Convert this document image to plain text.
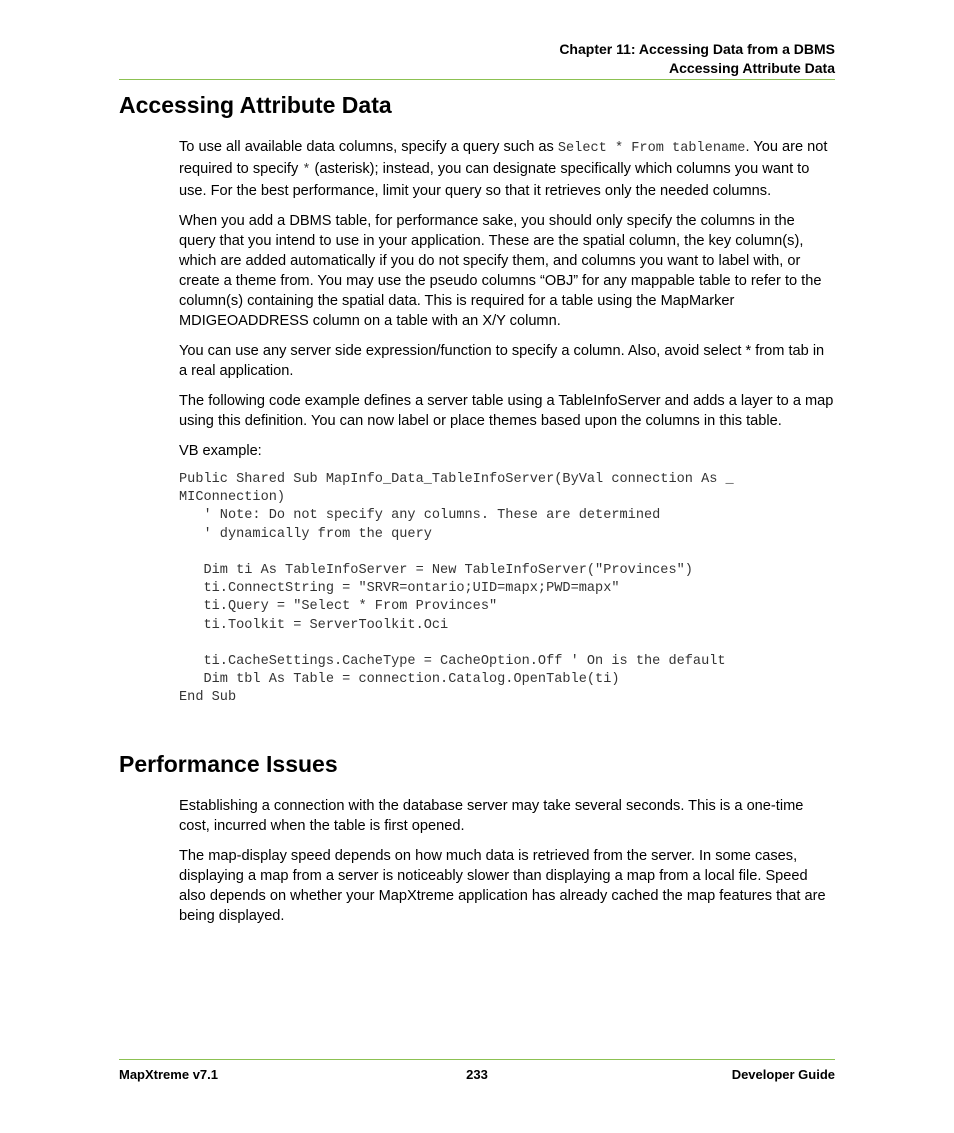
Chapter 11: Accessing Data from a DBMS
Accessing Attribute Data
Accessing Attribute Data

To use all available data columns, specify a query such as Select * From tablename. You are not required to specify * (asterisk); instead, you can designate specifically which columns you want to use. For the best performance, limit your query so that it retrieves only the needed columns.

When you add a DBMS table, for performance sake, you should only specify the columns in the query that you intend to use in your application. These are the spatial column, the key column(s), which are added automatically if you do not specify them, and columns you want to label with, or create a theme from. You may use the pseudo columns “OBJ” for any mappable table to refer to the column(s) containing the spatial data. This is required for a table using the MapMarker MDIGEOADDRESS column on a table with an X/Y column.

You can use any server side expression/function to specify a column. Also, avoid select * from tab in a real application.

The following code example defines a server table using a TableInfoServer and adds a layer to a map using this definition. You can now label or place themes based upon the columns in this table.

VB example:

Public Shared Sub MapInfo_Data_TableInfoServer(ByVal connection As _
MIConnection)
' Note: Do not specify any columns. These are determined
' dynamically from the query

Dim ti As TableInfoServer = New TableInfoServer("Provinces")
ti.ConnectString = "SRVR=ontario;UID=mapx;PWD=mapx"
ti.Query = "Select * From Provinces"
ti.Toolkit = ServerToolkit.Oci

ti.CacheSettings.CacheType = CacheOption.Off ' On is the default
Dim tbl As Table = connection.Catalog.OpenTable(ti)
End Sub
Performance Issues

Establishing a connection with the database server may take several seconds. This is a one-time cost, incurred when the table is first opened.

The map-display speed depends on how much data is retrieved from the server. In some cases, displaying a map from a server is noticeably slower than displaying a map from a local file. Speed also depends on whether your MapXtreme application has already cached the map features that are being displayed.

MapXtreme v7.1	233	Developer Guide
